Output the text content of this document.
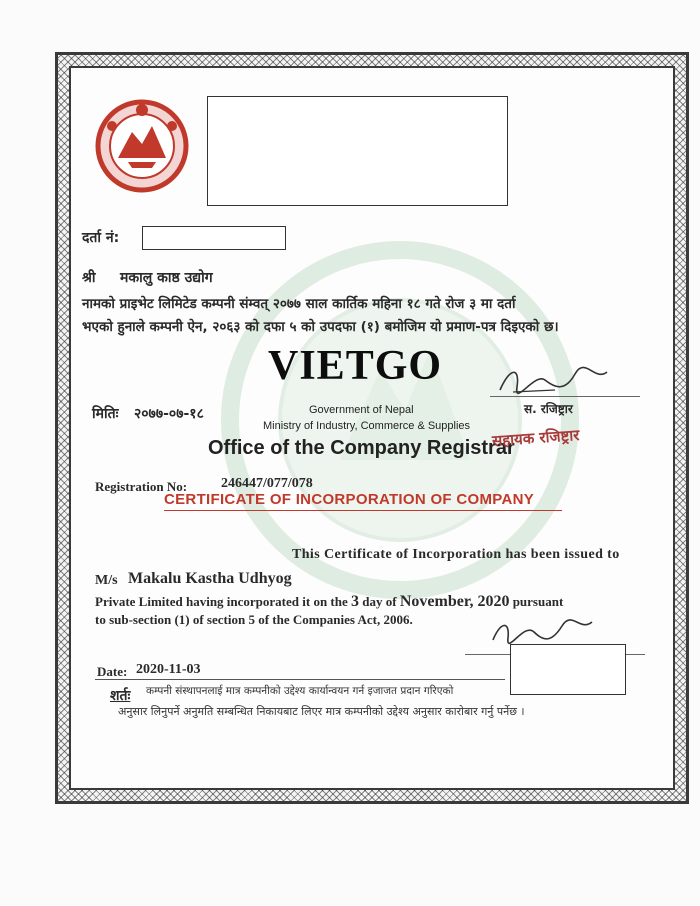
दर्ता नं:
श्री मकालु काष्ठ उद्योग
नामको प्राइभेट लिमिटेड कम्पनी संम्वत् २०७७ साल कार्तिक महिना १८ गते रोज ३ मा दर्ता
भएको हुनाले कम्पनी ऐन, २०६३ को दफा ५ को उपदफा (१) बमोजिम यो प्रमाण-पत्र दिइएको छ।
VIETGO
मितिः २०७७-०७-१८	स. रजिष्ट्रार
Government of Nepal
Ministry of Industry, Commerce & Supplies
Office of the Company Registrar
सहायक रजिष्ट्रार
Registration No: 246447/077/078
CERTIFICATE OF INCORPORATION OF COMPANY
This Certificate of Incorporation has been issued to
M/s Makalu Kastha Udhyog
Private Limited having incorporated it on the 3 day of November, 2020 pursuant
to sub-section (1) of section 5 of the Companies Act, 2006.
Date: 2020-11-03
शर्तः कम्पनी संस्थापनलाई मात्र कम्पनीको उद्देश्य कार्यान्वयन गर्न इजाजत प्रदान गरिएको
अनुसार लिनुपर्ने अनुमति सम्बन्धित निकायबाट लिएर मात्र कम्पनीको उद्देश्य अनुसार कारोबार गर्नु पर्नेछ ।
